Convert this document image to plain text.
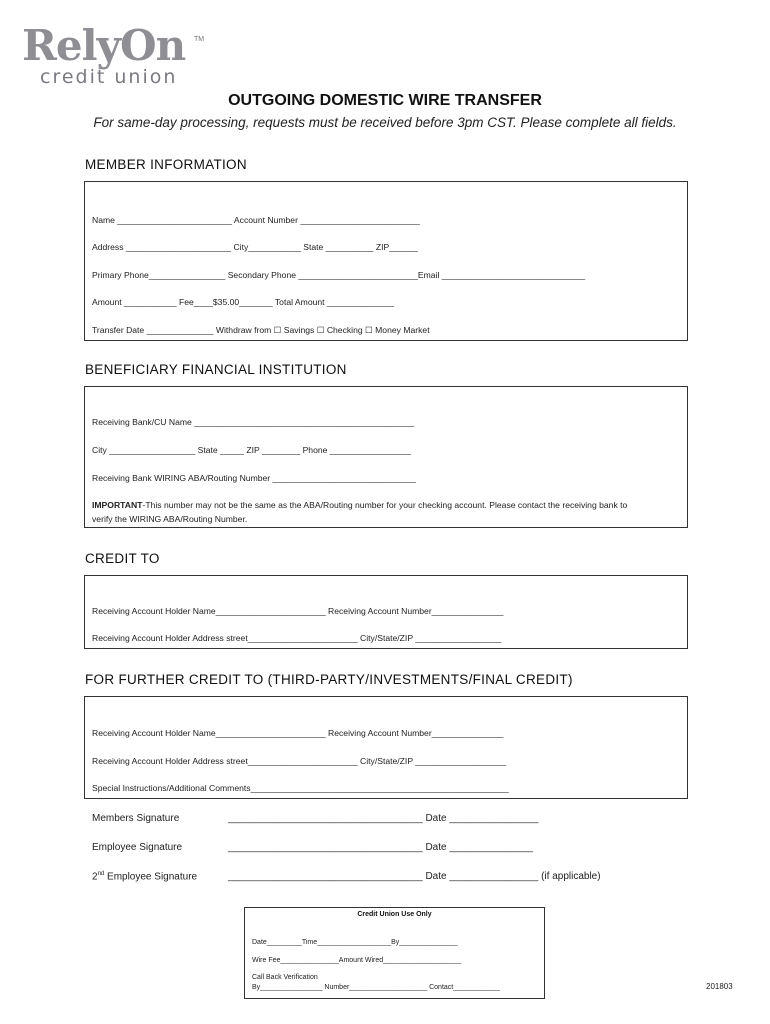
RelyOn TM
credit union
OUTGOING DOMESTIC WIRE TRANSFER
For same-day processing, requests must be received before 3pm CST. Please complete all fields.
MEMBER INFORMATION
Name ________________________ Account Number _________________________
Address ______________________ City___________ State __________ ZIP______
Primary Phone________________ Secondary Phone _________________________Email ______________________________
Amount ___________ Fee____$35.00_______ Total Amount ______________
Transfer Date ______________ Withdraw from ☐ Savings ☐ Checking ☐ Money Market
BENEFICIARY FINANCIAL INSTITUTION
Receiving Bank/CU Name ______________________________________________
City __________________ State _____ ZIP ________ Phone _________________
Receiving Bank WIRING ABA/Routing Number ______________________________
IMPORTANT-This number may not be the same as the ABA/Routing number for your checking account. Please contact the receiving bank to
verify the WIRING ABA/Routing Number.
CREDIT TO
Receiving Account Holder Name_______________________ Receiving Account Number_______________
Receiving Account Holder Address street_______________________ City/State/ZIP __________________
FOR FURTHER CREDIT TO (THIRD-PARTY/INVESTMENTS/FINAL CREDIT)
Receiving Account Holder Name_______________________ Receiving Account Number_______________
Receiving Account Holder Address street_______________________ City/State/ZIP ___________________
Special Instructions/Additional Comments______________________________________________________
Members Signature	___________________________________ Date ________________
Employee Signature	___________________________________ Date _______________
2nd Employee Signature	___________________________________ Date ________________ (if applicable)
Credit Union Use Only
Date_________Time___________________By_______________
Wire Fee_______________Amount Wired____________________
Call Back Verification
By________________ Number____________________ Contact____________	201803
